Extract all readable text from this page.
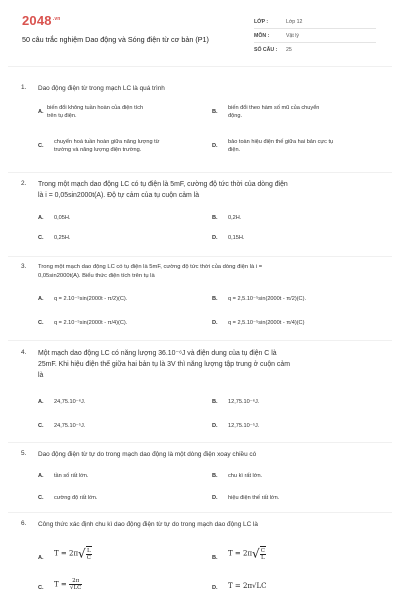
$2048^{.vn}$
50 câu trắc nghiệm Dao động và Sóng điện từ cơ bản (P1)
LỚP :	Lớp 12
MÔN :	Vật lý
SỐ CÂU : 25
1. Dao động điện từ trong mạch LC là quá trình
A.
biến đổi không tuần hoàn của điện tích
trên tụ điện.
B.
biến đổi theo hàm số mũ của chuyển
động.
C.
chuyển hoá tuần hoàn giữa năng lượng từ
trường và năng lượng điện trường.
D.
bảo toàn hiệu điện thế giữa hai bản cực tụ
điện.
2. Trong một mạch dao động LC có tụ điện là 5mF, cường độ tức thời của dòng điện
là i = 0,05sin2000t(A). Độ tự cảm của tụ cuộn cảm là
A. 0,05H.	B. 0,2H.
C. 0,25H.	D. 0,15H.
3. Trong một mạch dao động LC có tụ điện là 5mF, cường độ tức thời của dòng điện là i =
0,05sin2000t(A). Biểu thức điện tích trên tụ là
A. q = 2.10⁻⁵sin(2000t - π/2)(C).	B. q = 2,5.10⁻⁵sin(2000t - π/2)(C).
C. q = 2.10⁻⁵sin(2000t - π/4)(C).	D. q = 2,5.10⁻⁵sin(2000t - π/4)(C)
4. Một mạch dao động LC có năng lượng 36.10⁻⁶J và điện dung của tụ điện C là
25mF. Khi hiệu điện thế giữa hai bản tụ là 3V thì năng lượng tập trung ở cuộn cảm
là
A. 24,75.10⁻⁶J.	B. 12,75.10⁻⁶J.
C. 24,75.10⁻⁵J.	D. 12,75.10⁻⁵J.
5. Dao động điện từ tự do trong mạch dao động là một dòng điện xoay chiều có
A. tần số rất lớn.	B. chu kì rất lớn.
C. cường độ rất lớn.	D. hiệu điện thế rất lớn.
6. Công thức xác định chu kì dao động điện từ tự do trong mạch dao động LC là
A.
$T = 2\pi√ \frac{L}{C}$	B.
$T = 2\pi√ \frac{C}{L}$
C. $T = \frac{2\pi}{√LC}$	D. T = 2π√LC
